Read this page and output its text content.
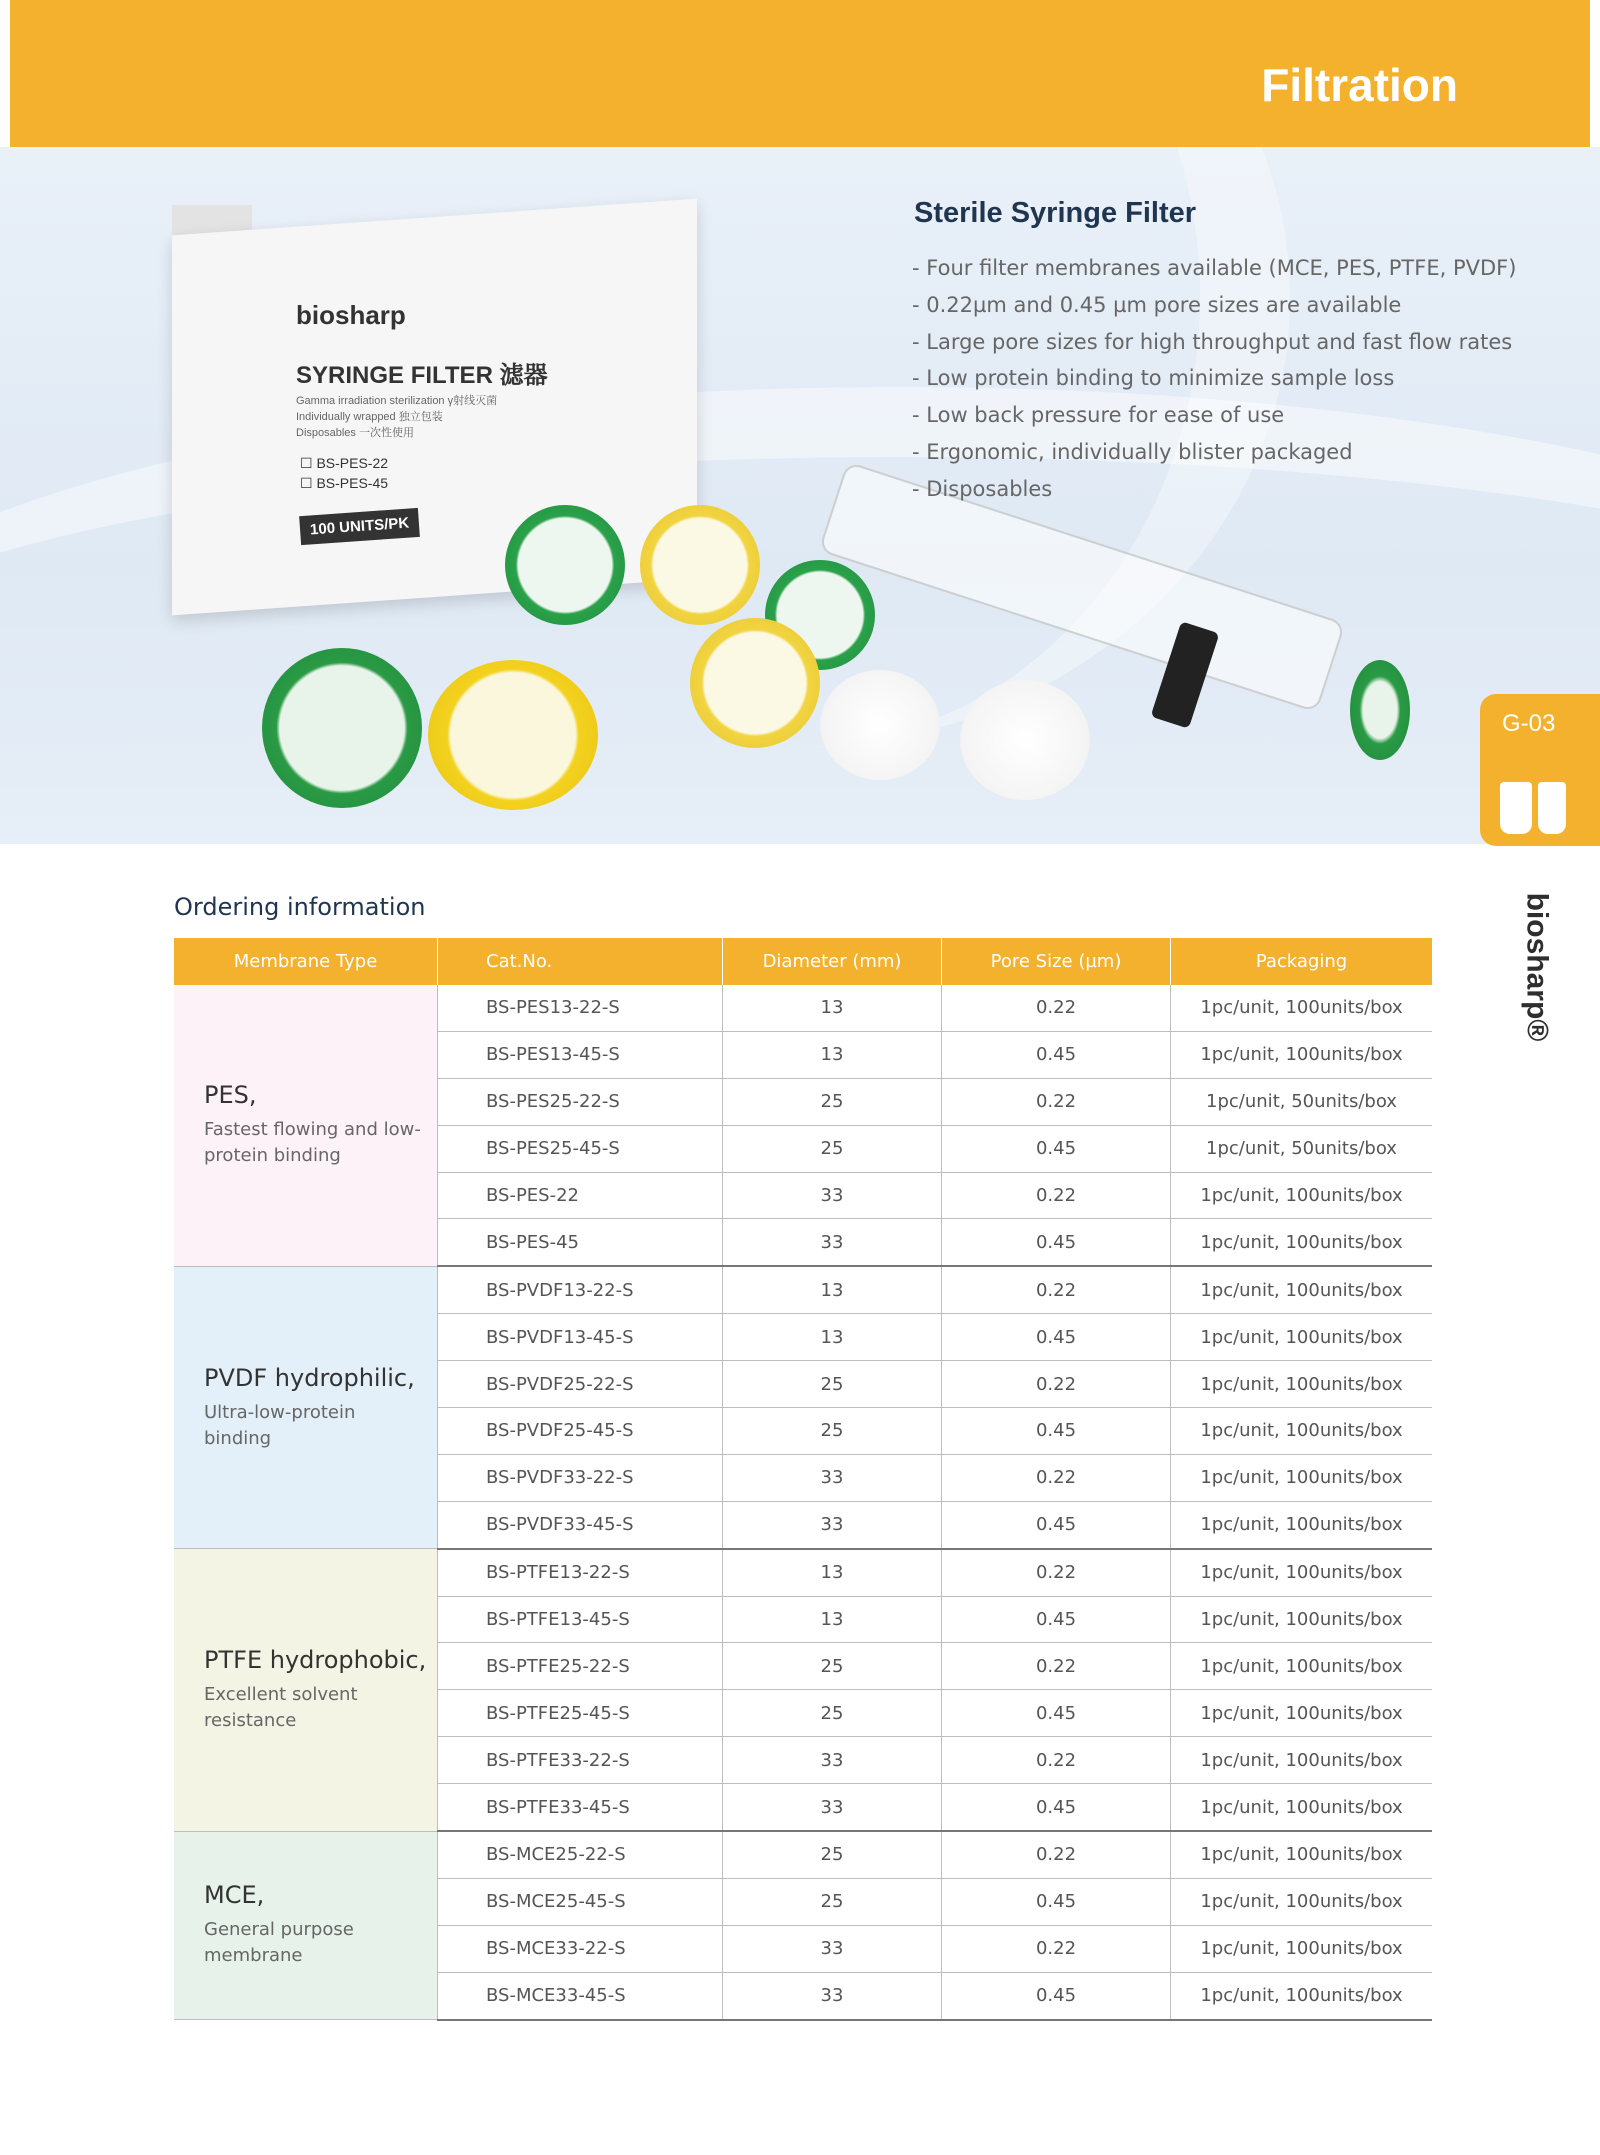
Filtration
biosharp
SYRINGE FILTER 滤器
Gamma irradiation sterilization γ射线灭菌
Individually wrapped 独立包装
Disposables 一次性使用
☐ BS-PES-22
☐ BS-PES-45
100 UNITS/PK
Sterile Syringe Filter
- Four filter membranes available (MCE, PES, PTFE, PVDF)
- 0.22µm and 0.45 µm pore sizes are available
- Large pore sizes for high throughput and fast flow rates
- Low protein binding to minimize sample loss
- Low back pressure for ease of use
- Ergonomic, individually blister packaged
- Disposables
G-03
biosharp®
Ordering information
Membrane Type	Cat.No.	Diameter (mm)	Pore Size (µm)	Packaging

PES,
Fastest flowing and low-protein binding	BS-PES13-22-S	13	0.22	1pc/unit, 100units/box
	BS-PES13-45-S	13	0.45	1pc/unit, 100units/box
	BS-PES25-22-S	25	0.22	1pc/unit, 50units/box
	BS-PES25-45-S	25	0.45	1pc/unit, 50units/box
	BS-PES-22	33	0.22	1pc/unit, 100units/box
	BS-PES-45	33	0.45	1pc/unit, 100units/box

PVDF hydrophilic,
Ultra-low-protein binding	BS-PVDF13-22-S	13	0.22	1pc/unit, 100units/box
	BS-PVDF13-45-S	13	0.45	1pc/unit, 100units/box
	BS-PVDF25-22-S	25	0.22	1pc/unit, 100units/box
	BS-PVDF25-45-S	25	0.45	1pc/unit, 100units/box
	BS-PVDF33-22-S	33	0.22	1pc/unit, 100units/box
	BS-PVDF33-45-S	33	0.45	1pc/unit, 100units/box

PTFE hydrophobic,
Excellent solvent resistance	BS-PTFE13-22-S	13	0.22	1pc/unit, 100units/box
	BS-PTFE13-45-S	13	0.45	1pc/unit, 100units/box
	BS-PTFE25-22-S	25	0.22	1pc/unit, 100units/box
	BS-PTFE25-45-S	25	0.45	1pc/unit, 100units/box
	BS-PTFE33-22-S	33	0.22	1pc/unit, 100units/box
	BS-PTFE33-45-S	33	0.45	1pc/unit, 100units/box

MCE,
General purpose membrane	BS-MCE25-22-S	25	0.22	1pc/unit, 100units/box
	BS-MCE25-45-S	25	0.45	1pc/unit, 100units/box
	BS-MCE33-22-S	33	0.22	1pc/unit, 100units/box
	BS-MCE33-45-S	33	0.45	1pc/unit, 100units/box
